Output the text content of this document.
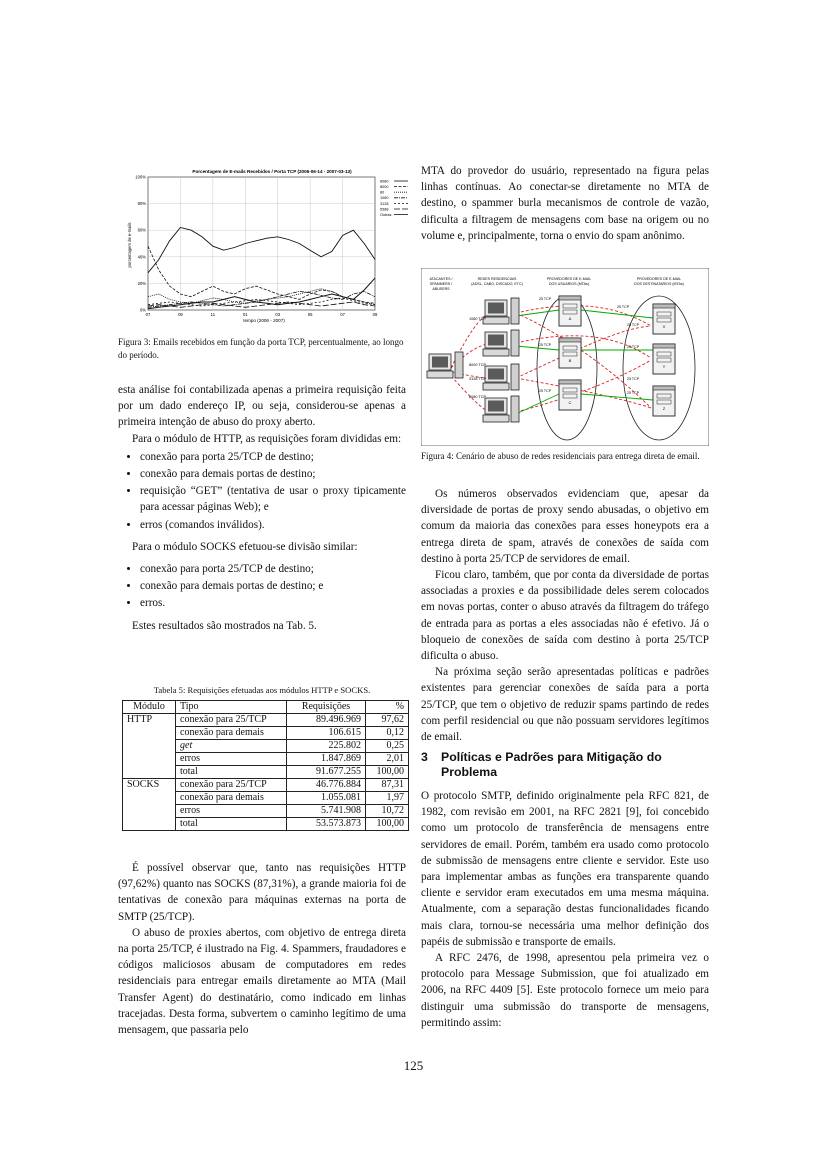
Porcentagem de E-mails Recebidos / Porta TCP (2006-06-14 - 2007-03-13)
porcentagem de e-mails
tempo (2006 - 2007)
100%
80%
60%
40%
20%
0%
07	09	11	01	03	05	07	09
8080
8000
80
1080
3128
6588
Outras
Figura 3: Emails recebidos em função da porta TCP, percentualmente, ao longo do período.

esta análise foi contabilizada apenas a primeira requisição feita por um dado endereço IP, ou seja, considerou-se apenas a primeira intenção de abuso do proxy aberto.

Para o módulo de HTTP, as requisições foram divididas em:

• conexão para porta 25/TCP de destino;
• conexão para demais portas de destino;
• requisição “GET” (tentativa de usar o proxy tipicamente para acessar páginas Web); e
• erros (comandos inválidos).

Para o módulo SOCKS efetuou-se divisão similar:

• conexão para porta 25/TCP de destino;
• conexão para demais portas de destino; e
• erros.

Estes resultados são mostrados na Tab. 5.

Tabela 5: Requisições efetuadas aos módulos HTTP e SOCKS.
Módulo	Tipo	Requisições	%
HTTP	conexão para 25/TCP	89.496.969	97,62
	conexão para demais	106.615	0,12
	get	225.802	0,25
	erros	1.847.869	2,01
	total	91.677.255	100,00
SOCKS	conexão para 25/TCP	46.776.884	87,31
	conexão para demais	1.055.081	1,97
	erros	5.741.908	10,72
	total	53.573.873	100,00

É possível observar que, tanto nas requisições HTTP (97,62%) quanto nas SOCKS (87,31%), a grande maioria foi de tentativas de conexão para máquinas externas na porta de SMTP (25/TCP).

O abuso de proxies abertos, com objetivo de entrega direta na porta 25/TCP, é ilustrado na Fig. 4. Spammers, fraudadores e códigos maliciosos abusam de computadores em redes residenciais para entregar emails diretamente ao MTA (Mail Transfer Agent) do destinatário, como indicado em linhas tracejadas. Desta forma, subvertem o caminho legítimo de uma mensagem, que passaria pelo

MTA do provedor do usuário, representado na figura pelas linhas contínuas. Ao conectar-se diretamente no MTA de destino, o spammer burla mecanismos de controle de vazão, dificulta a filtragem de mensagens com base na origem ou no volume e, principalmente, torna o envio do spam anônimo.

ATACANTES /
SPAMMERS /
ABUSERS
REDES RESIDENCIAIS
(ADSL, CABO, DISCADO, ETC)
PROVEDORES DE E-MAIL
DOS USUARIOS (MTAs)
PROVEDORES DE E-MAIL
DOS DESTINATARIOS (MTAs)
1080 TCP
8000 TCP
3128 TCP
8080 TCP
A
B
C
X
Y
Z
25 TCP
25 TCP
25 TCP
25 TCP
25 TCP
25 TCP
25 TCP
25 TCP
Figura 4: Cenário de abuso de redes residenciais para entrega direta de email.

Os números observados evidenciam que, apesar da diversidade de portas de proxy sendo abusadas, o objetivo em comum da maioria das conexões para esses honeypots era a entrega direta de spam, através de conexões de saída com destino à porta 25/TCP de servidores de email.

Ficou claro, também, que por conta da diversidade de portas associadas a proxies e da possibilidade deles serem colocados em novas portas, conter o abuso através da filtragem do tráfego de entrada para as portas a eles associadas não é efetivo. Já o bloqueio de conexões de saída com destino à porta 25/TCP dificulta o abuso.

Na próxima seção serão apresentadas políticas e padrões existentes para gerenciar conexões de saída para a porta 25/TCP, que tem o objetivo de reduzir spams partindo de redes com perfil residencial ou que não possuam servidores legítimos de email.

3 Políticas e Padrões para Mitigação do Problema

O protocolo SMTP, definido originalmente pela RFC 821, de 1982, com revisão em 2001, na RFC 2821 [9], foi concebido como um protocolo de transferência de mensagens entre servidores de email. Porém, também era usado como protocolo de submissão de mensagens entre cliente e servidor. Este uso para implementar ambas as funções era transparente quando cliente e servidor eram executados em uma mesma máquina. Atualmente, com a separação destas funcionalidades ficando mais clara, tornou-se necessária uma melhor definição dos papéis de submissão e transporte de emails.

A RFC 2476, de 1998, apresentou pela primeira vez o protocolo para Message Submission, que foi atualizado em 2006, na RFC 4409 [5]. Este protocolo fornece um meio para distinguir uma submissão do transporte de mensagens, permitindo assim:

125
